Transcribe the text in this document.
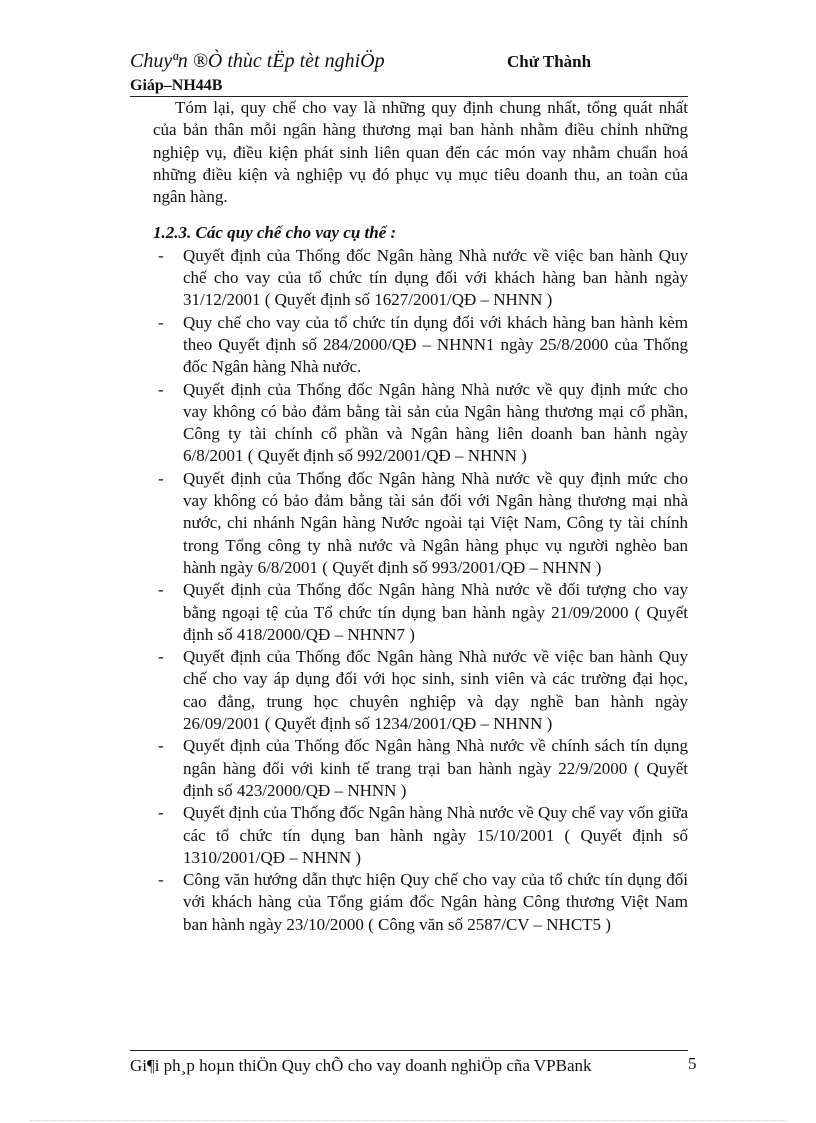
Chuyªn ®Ò thùc tËp tèt nghiÖp	Chử Thành
Giáp–NH44B

Tóm lại, quy chế cho vay là những quy định chung nhất, tổng quát nhất của bản thân mỗi ngân hàng thương mại ban hành nhằm điều chỉnh những nghiệp vụ, điều kiện phát sinh liên quan đến các món vay nhằm chuẩn hoá những điều kiện và nghiệp vụ đó phục vụ mục tiêu doanh thu, an toàn của ngân hàng.

1.2.3. Các quy chế cho vay cụ thể :

- Quyết định của Thống đốc Ngân hàng Nhà nước về việc ban hành Quy chế cho vay của tổ chức tín dụng đối với khách hàng ban hành ngày 31/12/2001 ( Quyết định số 1627/2001/QĐ – NHNN )
- Quy chế cho vay của tổ chức tín dụng đối với khách hàng ban hành kèm theo Quyết định số 284/2000/QĐ – NHNN1 ngày 25/8/2000 của Thống đốc Ngân hàng Nhà nước.
- Quyết định của Thống đốc Ngân hàng Nhà nước về quy định mức cho vay không có bảo đảm bằng tài sản của Ngân hàng thương mại cổ phần, Công ty tài chính cổ phần và Ngân hàng liên doanh ban hành ngày 6/8/2001 ( Quyết định số 992/2001/QĐ – NHNN )
- Quyết định của Thống đốc Ngân hàng Nhà nước về quy định mức cho vay không có bảo đảm bằng tài sản đối với Ngân hàng thương mại nhà nước, chi nhánh Ngân hàng Nước ngoài tại Việt Nam, Công ty tài chính trong Tổng công ty nhà nước và Ngân hàng phục vụ người nghèo ban hành ngày 6/8/2001 ( Quyết định số 993/2001/QĐ – NHNN )
- Quyết định của Thống đốc Ngân hàng Nhà nước về đối tượng cho vay bằng ngoại tệ của Tổ chức tín dụng ban hành ngày 21/09/2000 ( Quyết định số 418/2000/QĐ – NHNN7 )
- Quyết định của Thống đốc Ngân hàng Nhà nước về việc ban hành Quy chế cho vay áp dụng đối với học sinh, sinh viên và các trường đại học, cao đẳng, trung học chuyên nghiệp và dạy nghề ban hành ngày 26/09/2001 ( Quyết định số 1234/2001/QĐ – NHNN )
- Quyết định của Thống đốc Ngân hàng Nhà nước về chính sách tín dụng ngân hàng đối với kinh tế trang trại ban hành ngày 22/9/2000 ( Quyết định số 423/2000/QĐ – NHNN )
- Quyết định của Thống đốc Ngân hàng Nhà nước về Quy chế vay vốn giữa các tổ chức tín dụng ban hành ngày 15/10/2001 ( Quyết định số 1310/2001/QĐ – NHNN )
- Công văn hướng dẫn thực hiện Quy chế cho vay của tổ chức tín dụng đối với khách hàng của Tổng giám đốc Ngân hàng Công thương Việt Nam ban hành ngày 23/10/2000 ( Công văn số 2587/CV – NHCT5 )
Gi¶i ph¸p hoµn thiÖn Quy chÕ cho vay doanh nghiÖp cña VPBank	5
